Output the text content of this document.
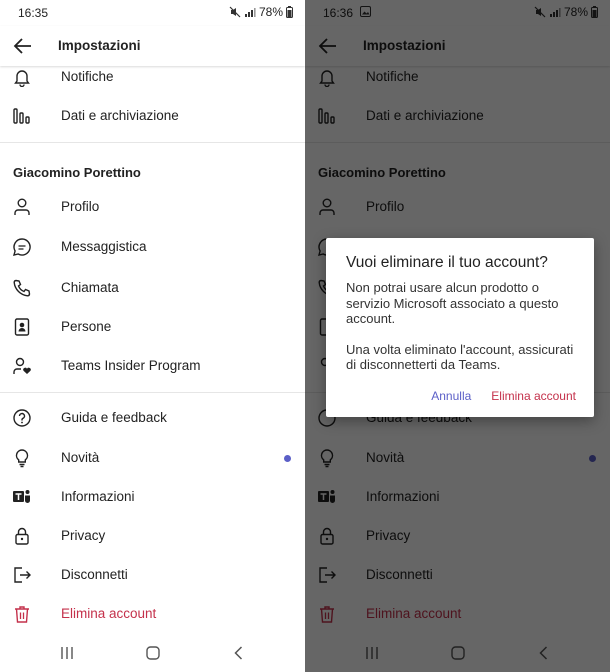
16:35	78%
Impostazioni
Notifiche
Dati e archiviazione
Giacomino Porettino
Profilo
Messaggistica
Chiamata
Persone
Teams Insider Program
Guida e feedback
Novità
Informazioni
Privacy
Disconnetti
Elimina account
Vuoi eliminare il tuo account?

Non potrai usare alcun prodotto o servizio Microsoft associato a questo account.

Una volta eliminato l'account, assicurati di disconnetterti da Teams.

Annulla Elimina account
